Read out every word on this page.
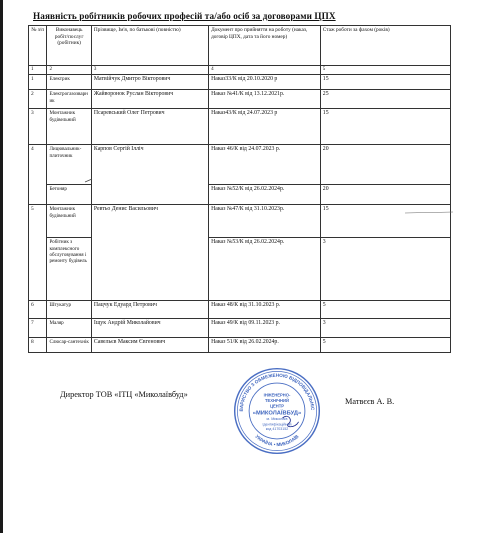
Наявність робітників робочих професій та/або осіб за договорами ЦПХ
№ з/п	Виконавець робіт/послуг (робітник)	Прізвище, Ім'я, по батькові (повністю)	Документ про прийняття на роботу (наказ, договір ЦПХ, дата та його номер)	Стаж роботи за фахом (років)
1	2	3	4	5
1	Електрик	Матвійчук Дмитро Вікторович	Наказ33/К від 20.10.2020 р	15
2	Електрогазозварник	Жайворонок Руслан Вікторович	Наказ №41/К від 13.12.2021р.	25
3	Монтажник будівельний	Псаревський Олег Петрович	Наказ43/К від 24.07.2023 р	15
4	Лицювальник-плиточник	Карпов Сергій Ілліч	Наказ 46/К від 24.07.2023 р.	20
	Бетоняр		Наказ №52/К від 26.02.2024р.	20
5	Монтажник будівельний	Ревтьо Денис Васильович	Наказ №47/К від 31.10.2023р.	15
	Робітник з комплексного обслуговування і ремонту будівель		Наказ №53/К від 26.02.2024р.	3
6	Штукатур	Пацчук Едуард Петрович	Наказ 48/К від 31.10.2023 р.	5
7	Маляр	Іщук Андрій Миколайович	Наказ 49/К від 09.11.2023 р.	3
8	Слюсар-сантехнік	Савельєв Максим Євгенович	Наказ 51/К від 26.02.2024р.	5
Директор ТОВ «ІТЦ «Миколаївбуд»
Матвєєв А. В.
ВАРИСТВО З ОБМЕЖЕНОЮ ВІДПОВІДАЛЬНІС
УКРАЇНА • МИКОЛАЇВ
ІНЖЕНЕРНО-
ТЕХНІЧНИЙ
ЦЕНТР
«МИКОЛАЇВБУД»
м. Миколаїв
Ідентифікаційний
код 41703152
